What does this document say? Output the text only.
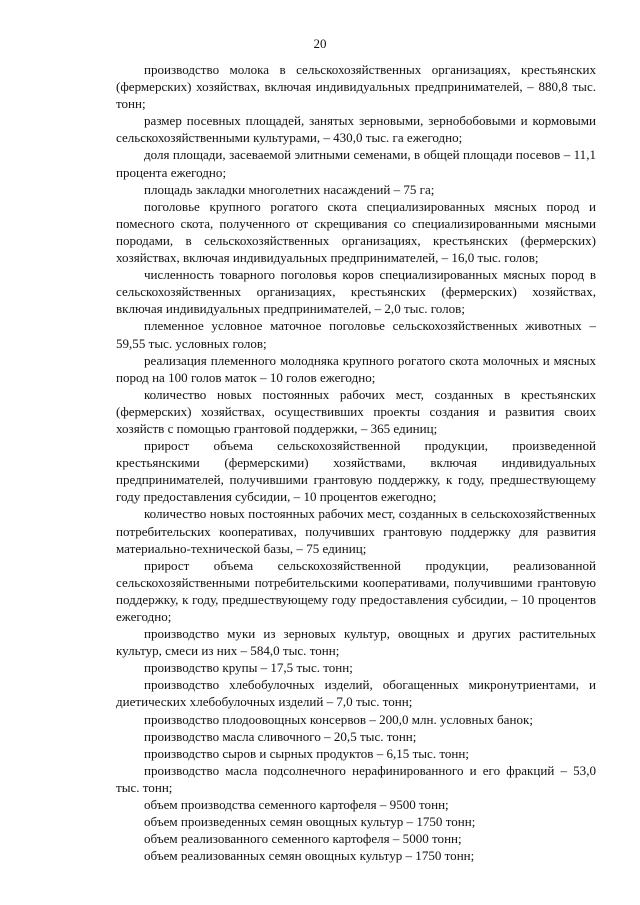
20

производство молока в сельскохозяйственных организациях, крестьянских (фермерских) хозяйствах, включая индивидуальных предпринимателей, – 880,8 тыс. тонн;

размер посевных площадей, занятых зерновыми, зернобобовыми и кормовыми сельскохозяйственными культурами, – 430,0 тыс. га ежегодно;

доля площади, засеваемой элитными семенами, в общей площади посевов – 11,1 процента ежегодно;

площадь закладки многолетних насаждений – 75 га;

поголовье крупного рогатого скота специализированных мясных пород и помесного скота, полученного от скрещивания со специализированными мясными породами, в сельскохозяйственных организациях, крестьянских (фермерских) хозяйствах, включая индивидуальных предпринимателей, – 16,0 тыс. голов;

численность товарного поголовья коров специализированных мясных пород в сельскохозяйственных организациях, крестьянских (фермерских) хозяйствах, включая индивидуальных предпринимателей, – 2,0 тыс. голов;

племенное условное маточное поголовье сельскохозяйственных животных – 59,55 тыс. условных голов;

реализация племенного молодняка крупного рогатого скота молочных и мясных пород на 100 голов маток – 10 голов ежегодно;

количество новых постоянных рабочих мест, созданных в крестьянских (фермерских) хозяйствах, осуществивших проекты создания и развития своих хозяйств с помощью грантовой поддержки, – 365 единиц;

прирост объема сельскохозяйственной продукции, произведенной крестьянскими (фермерскими) хозяйствами, включая индивидуальных предпринимателей, получившими грантовую поддержку, к году, предшествующему году предоставления субсидии, – 10 процентов ежегодно;

количество новых постоянных рабочих мест, созданных в сельскохозяйственных потребительских кооперативах, получивших грантовую поддержку для развития материально-технической базы, – 75 единиц;

прирост объема сельскохозяйственной продукции, реализованной сельскохозяйственными потребительскими кооперативами, получившими грантовую поддержку, к году, предшествующему году предоставления субсидии, – 10 процентов ежегодно;

производство муки из зерновых культур, овощных и других растительных культур, смеси из них – 584,0 тыс. тонн;

производство крупы – 17,5 тыс. тонн;

производство хлебобулочных изделий, обогащенных микронутриентами, и диетических хлебобулочных изделий – 7,0 тыс. тонн;

производство плодоовощных консервов – 200,0 млн. условных банок;

производство масла сливочного – 20,5 тыс. тонн;

производство сыров и сырных продуктов – 6,15 тыс. тонн;

производство масла подсолнечного нерафинированного и его фракций – 53,0 тыс. тонн;

объем производства семенного картофеля – 9500 тонн;

объем произведенных семян овощных культур – 1750 тонн;

объем реализованного семенного картофеля – 5000 тонн;

объем реализованных семян овощных культур – 1750 тонн;
